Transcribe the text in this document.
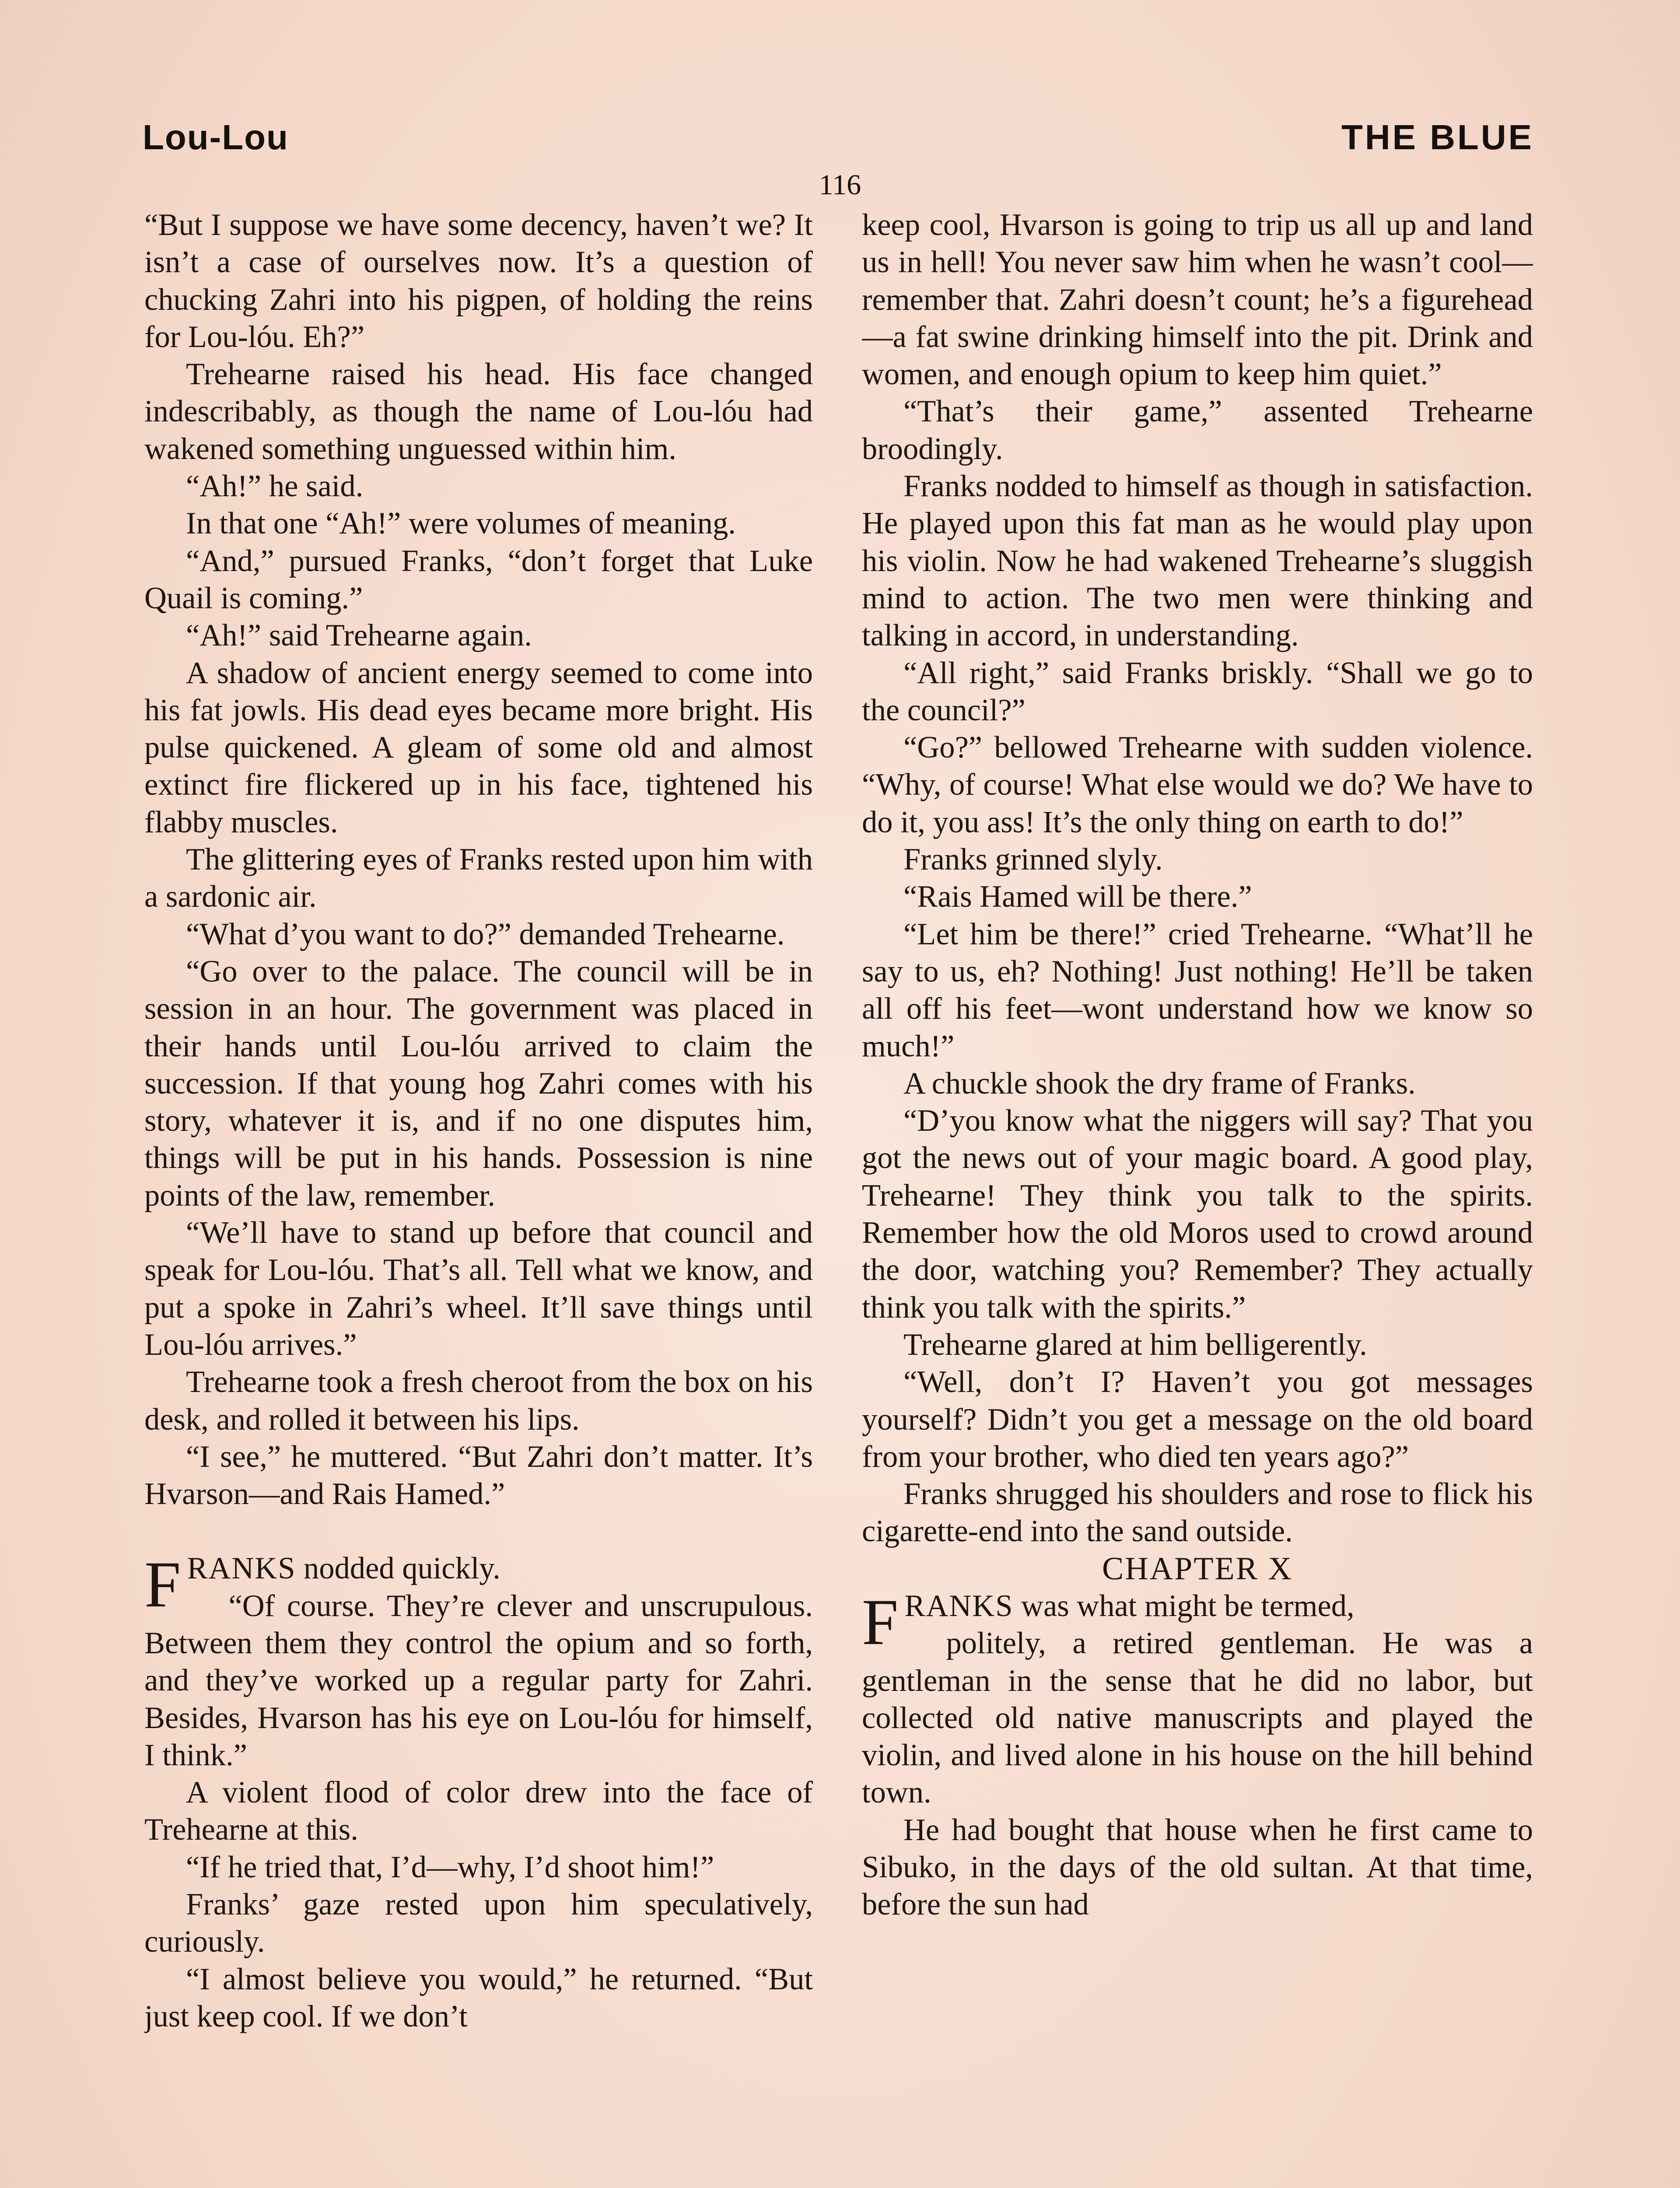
Lou-Lou	THE BLUE
116

“But I suppose we have some decency, haven’t we? It isn’t a case of ourselves now. It’s a question of chucking Zahri into his pigpen, of holding the reins for Lou-lóu. Eh?”

Trehearne raised his head. His face changed indescribably, as though the name of Lou-lóu had wakened something unguessed within him.

“Ah!” he said.

In that one “Ah!” were volumes of meaning.

“And,” pursued Franks, “don’t forget that Luke Quail is coming.”

“Ah!” said Trehearne again.

A shadow of ancient energy seemed to come into his fat jowls. His dead eyes became more bright. His pulse quickened. A gleam of some old and almost extinct fire flickered up in his face, tightened his flabby muscles.

The glittering eyes of Franks rested upon him with a sardonic air.

“What d’you want to do?” demanded Trehearne.

“Go over to the palace. The council will be in session in an hour. The government was placed in their hands until Lou-lóu arrived to claim the succession. If that young hog Zahri comes with his story, whatever it is, and if no one disputes him, things will be put in his hands. Possession is nine points of the law, remember.

“We’ll have to stand up before that council and speak for Lou-lóu. That’s all. Tell what we know, and put a spoke in Zahri’s wheel. It’ll save things until Lou-lóu arrives.”

Trehearne took a fresh cheroot from the box on his desk, and rolled it between his lips.

“I see,” he muttered. “But Zahri don’t matter. It’s Hvarson—and Rais Hamed.”

FRANKS nodded quickly.
“Of course. They’re clever and unscrupulous. Between them they control the opium and so forth, and they’ve worked up a regular party for Zahri. Besides, Hvarson has his eye on Lou-lóu for himself, I think.”

A violent flood of color drew into the face of Trehearne at this.

“If he tried that, I’d—why, I’d shoot him!”

Franks’ gaze rested upon him speculatively, curiously.

“I almost believe you would,” he returned. “But just keep cool. If we don’t

keep cool, Hvarson is going to trip us all up and land us in hell! You never saw him when he wasn’t cool—remember that. Zahri doesn’t count; he’s a figurehead—a fat swine drinking himself into the pit. Drink and women, and enough opium to keep him quiet.”

“That’s their game,” assented Trehearne broodingly.

Franks nodded to himself as though in satisfaction. He played upon this fat man as he would play upon his violin. Now he had wakened Trehearne’s sluggish mind to action. The two men were thinking and talking in accord, in understanding.

“All right,” said Franks briskly. “Shall we go to the council?”

“Go?” bellowed Trehearne with sudden violence. “Why, of course! What else would we do? We have to do it, you ass! It’s the only thing on earth to do!”

Franks grinned slyly.

“Rais Hamed will be there.”

“Let him be there!” cried Trehearne. “What’ll he say to us, eh? Nothing! Just nothing! He’ll be taken all off his feet—wont understand how we know so much!”

A chuckle shook the dry frame of Franks.

“D’you know what the niggers will say? That you got the news out of your magic board. A good play, Trehearne! They think you talk to the spirits. Remember how the old Moros used to crowd around the door, watching you? Remember? They actually think you talk with the spirits.”

Trehearne glared at him belligerently.

“Well, don’t I? Haven’t you got messages yourself? Didn’t you get a message on the old board from your brother, who died ten years ago?”

Franks shrugged his shoulders and rose to flick his cigarette-end into the sand outside.

CHAPTER X

FRANKS was what might be termed,
politely, a retired gentleman. He was a gentleman in the sense that he did no labor, but collected old native manuscripts and played the violin, and lived alone in his house on the hill behind town.

He had bought that house when he first came to Sibuko, in the days of the old sultan. At that time, before the sun had
